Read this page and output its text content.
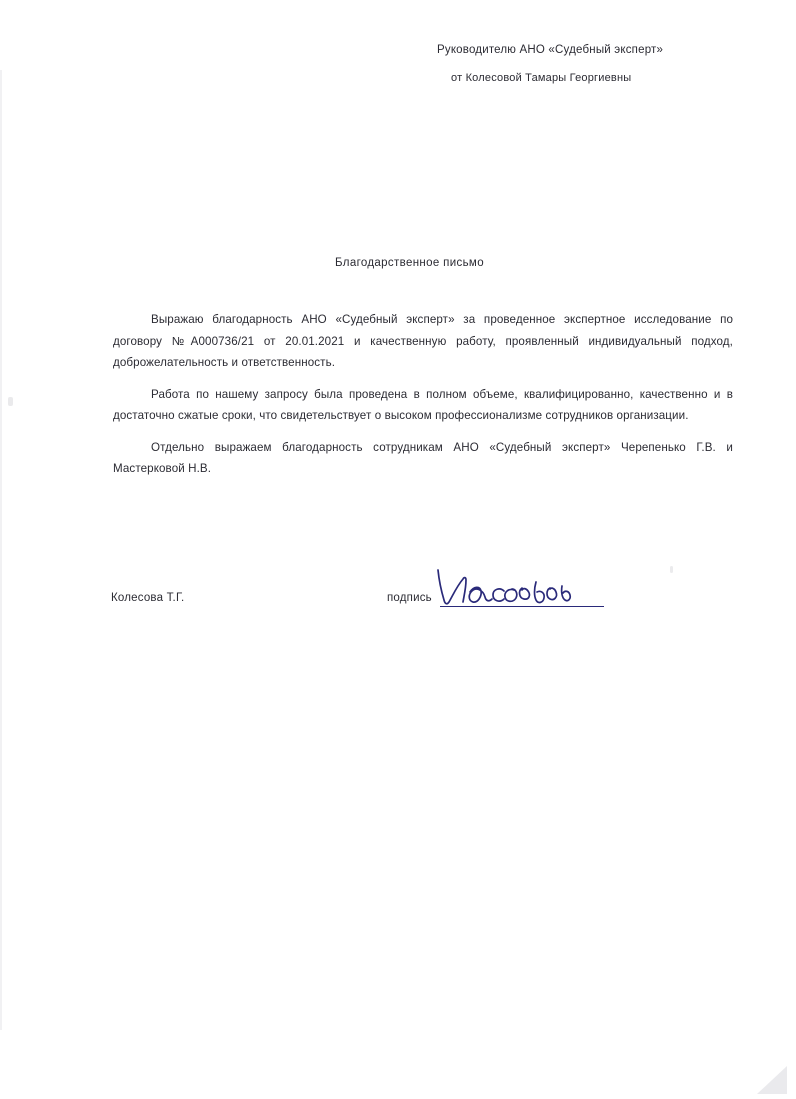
Руководителю АНО «Судебный эксперт»
от Колесовой Тамары Георгиевны
Благодарственное письмо

Выражаю благодарность АНО «Судебный эксперт» за проведенное экспертное исследование по договору №А000736/21 от 20.01.2021 и качественную работу, проявленный индивидуальный подход, доброжелательность и ответственность.

Работа по нашему запросу была проведена в полном объеме, квалифицированно, качественно и в достаточно сжатые сроки, что свидетельствует о высоком профессионализме сотрудников организации.

Отдельно выражаем благодарность сотрудникам АНО «Судебный эксперт» Черепенько Г.В. и Мастерковой Н.В.

Колесова Т.Г.	подпись
